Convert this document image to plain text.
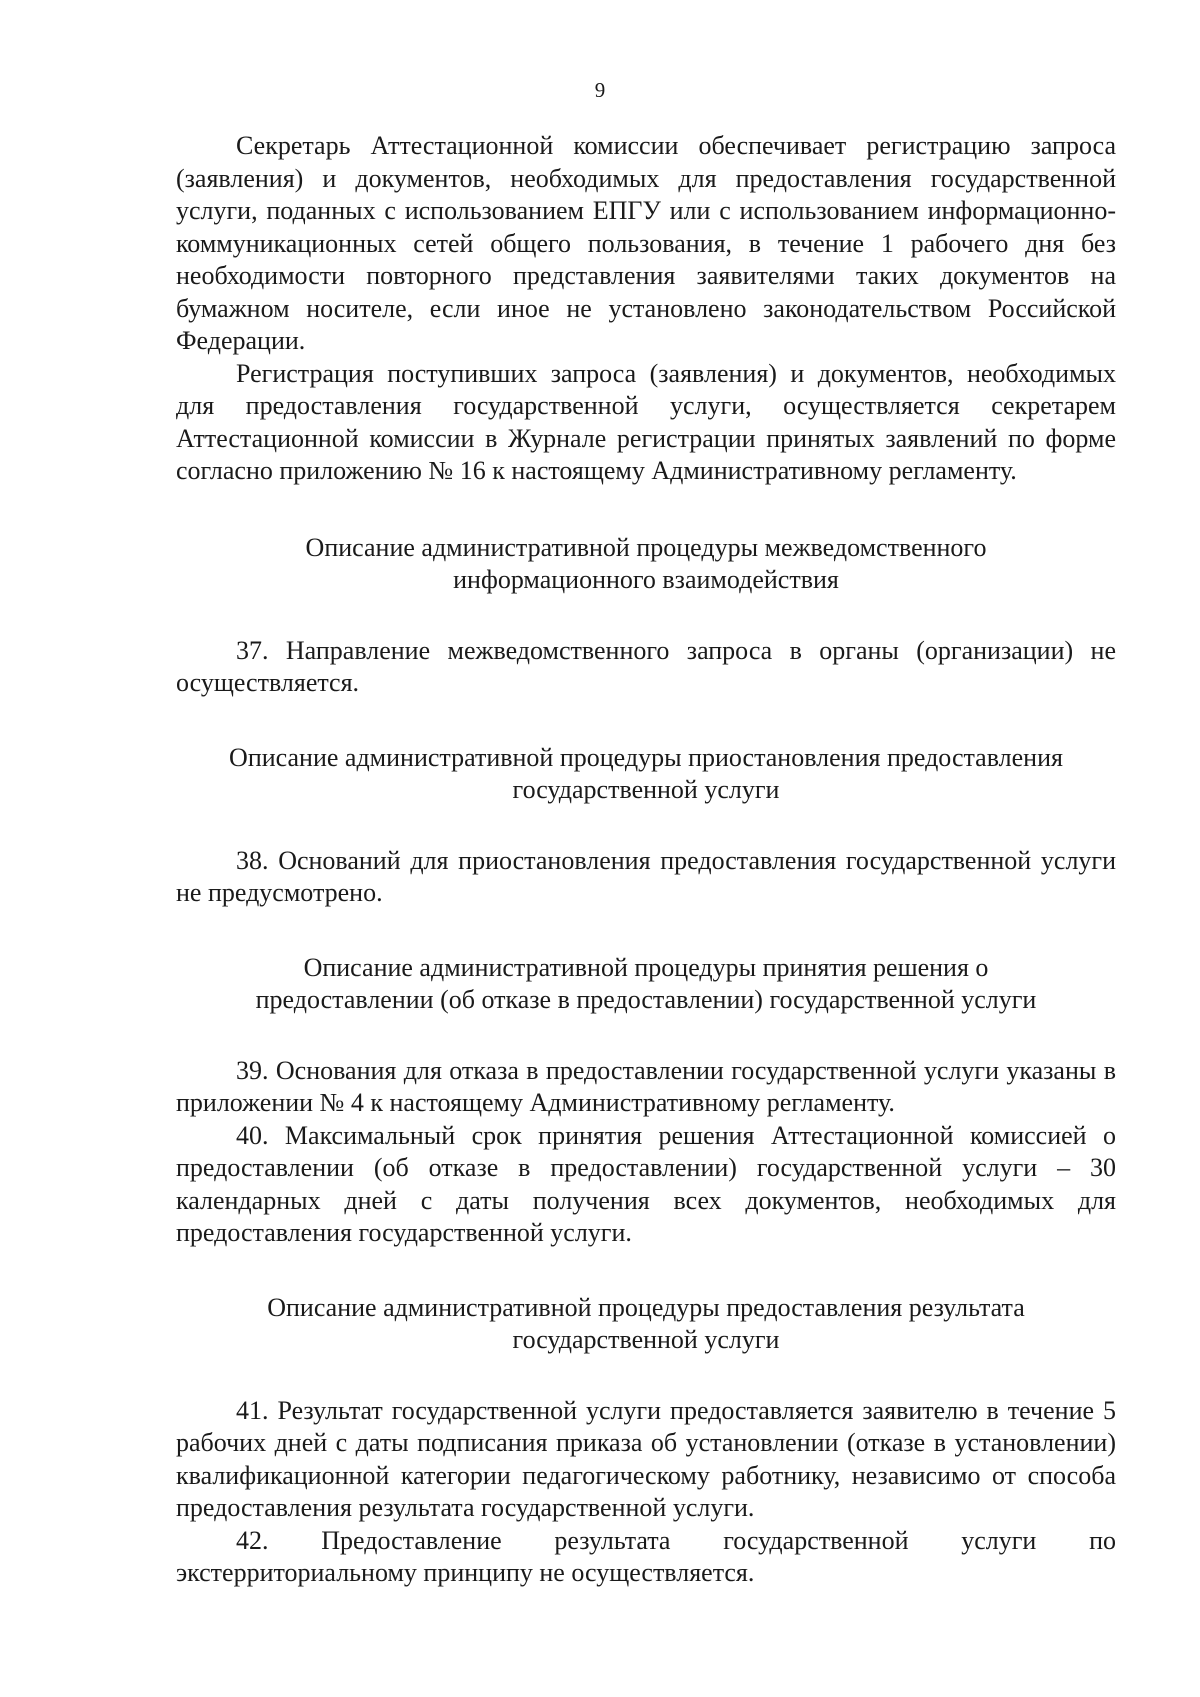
9

Секретарь Аттестационной комиссии обеспечивает регистрацию запроса (заявления) и документов, необходимых для предоставления государственной услуги, поданных с использованием ЕПГУ или с использованием информационно-коммуникационных сетей общего пользования, в течение 1 рабочего дня без необходимости повторного представления заявителями таких документов на бумажном носителе, если иное не установлено законодательством Российской Федерации.

Регистрация поступивших запроса (заявления) и документов, необходимых для предоставления государственной услуги, осуществляется секретарем Аттестационной комиссии в Журнале регистрации принятых заявлений по форме согласно приложению № 16 к настоящему Административному регламенту.

Описание административной процедуры межведомственного
информационного взаимодействия

37. Направление межведомственного запроса в органы (организации) не осуществляется.

Описание административной процедуры приостановления предоставления
государственной услуги

38. Оснований для приостановления предоставления государственной услуги не предусмотрено.

Описание административной процедуры принятия решения о
предоставлении (об отказе в предоставлении) государственной услуги

39. Основания для отказа в предоставлении государственной услуги указаны в приложении № 4 к настоящему Административному регламенту.

40. Максимальный срок принятия решения Аттестационной комиссией о предоставлении (об отказе в предоставлении) государственной услуги – 30 календарных дней с даты получения всех документов, необходимых для предоставления государственной услуги.

Описание административной процедуры предоставления результата
государственной услуги

41. Результат государственной услуги предоставляется заявителю в течение 5 рабочих дней с даты подписания приказа об установлении (отказе в установлении) квалификационной категории педагогическому работнику, независимо от способа предоставления результата государственной услуги.

42. Предоставление результата государственной услуги по экстерриториальному принципу не осуществляется.
